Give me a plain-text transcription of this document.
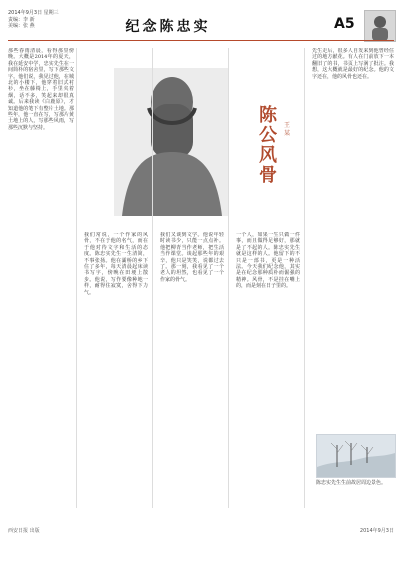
2014年9月3日 星期三
责编：李 新
美编：张 燕	纪念陈忠实	A5
陈公风骨
王某
那些春雨清晨，看得那里傍晚。大概是2014年的夏天，我在延安中学，忠实先生在一间简朴的宿舍里，写下那些文字。他们说，我见过他，在城北的小楼下，他穿着旧式衬衫，坐在藤椅上，手里夹着烟，话不多，笑起来却很真诚。后来我读《白鹿原》，才知道他的笔下有整片土地。那些年，他一直在写，写那片黄土地上的人，写那些风雨，写那些沉默与坚持。
我们常说，一个作家的风骨，不在于他的名气，而在于他对待文字和生活的态度。陈忠实先生一生清简，不事张扬。他在灞桥的乡下住了多年，每天清晨起床读书写字，傍晚在田埂上散步。他说，写作要像种地一样，耐得住寂寞，舍得下力气。
我们又谈到文学。他说年轻时读书少，只能一点点补。他把柳青当作老师，把生活当作课堂。谈起那些年的艰辛，他只是笑笑，说都过去了。那一刻，我看见了一个老人的坦然，也看见了一个作家的骨气。
一个人，如果一生只做一件事，而且做得足够好，那就是了不起的人。陈忠实先生就是这样的人。他留下的不只是一部书，更是一种活法。今天我们纪念他，其实是在纪念那种质朴而倔强的精神。风骨，不是挂在嘴上的，而是刻在日子里的。
先生走后，很多人自发来到他曾经住过的地方献花。有人在门前放下一本翻旧了的书，书页上写满了批注。我想，这大概就是最好的纪念。他的文字还在，他的风骨也还在。
陈忠实先生生前故居周边景色。
西安日报 出版	2014年9月3日
